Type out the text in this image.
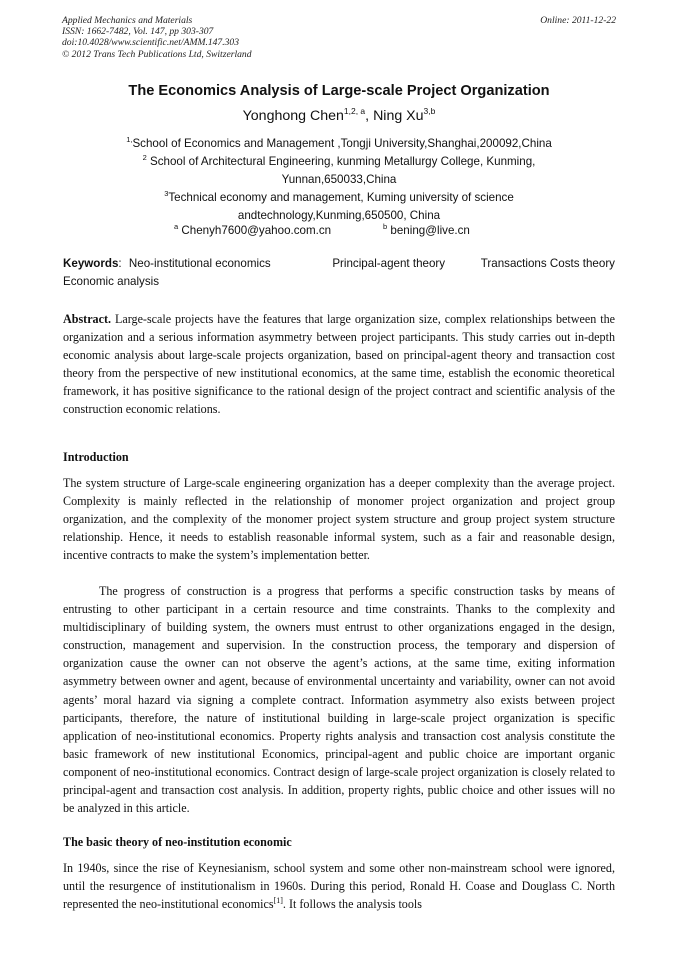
Applied Mechanics and Materials
ISSN: 1662-7482, Vol. 147, pp 303-307
doi:10.4028/www.scientific.net/AMM.147.303
© 2012 Trans Tech Publications Ltd, Switzerland
Online: 2011-12-22
The Economics Analysis of Large-scale Project Organization
Yonghong Chen$^{1,2, a}$, Ning Xu$^{3,b}$
$^{1,}$School of Economics and Management ,Tongji University,Shanghai,200092,China
$^2$ School of Architectural Engineering, kunming Metallurgy College, Kunming,
Yunnan,650033,China
$^3$Technical economy and management, Kuming university of science
andtechnology,Kunming,650500, China
$^a$ Chenyh7600@yahoo.com.cn	$^b$ bening@live.cn
Keywords: Neo-institutional economics	Principal-agent theory	Transactions Costs theory
Economic analysis
Abstract. Large-scale projects have the features that large organization size, complex relationships between the organization and a serious information asymmetry between project participants. This study carries out in-depth economic analysis about large-scale projects organization, based on principal-agent theory and transaction cost theory from the perspective of new institutional economics, at the same time, establish the economic theoretical framework, it has positive significance to the rational design of the project contract and scientific analysis of the construction economic relations.
Introduction
The system structure of Large-scale engineering organization has a deeper complexity than the average project. Complexity is mainly reflected in the relationship of monomer project organization and project group organization, and the complexity of the monomer project system structure and group project system structure relationship. Hence, it needs to establish reasonable informal system, such as a fair and reasonable design, incentive contracts to make the system’s implementation better.
The progress of construction is a progress that performs a specific construction tasks by means of entrusting to other participant in a certain resource and time constraints. Thanks to the complexity and multidisciplinary of building system, the owners must entrust to other organizations engaged in the design, construction, management and supervision. In the construction process, the temporary and dispersion of organization cause the owner can not observe the agent’s actions, at the same time, exiting information asymmetry between owner and agent, because of environmental uncertainty and variability, owner can not avoid agents’ moral hazard via signing a complete contract. Information asymmetry also exists between project participants, therefore, the nature of institutional building in large-scale project organization is specific application of neo-institutional economics. Property rights analysis and transaction cost analysis constitute the basic framework of new institutional Economics, principal-agent and public choice are important organic component of neo-institutional economics. Contract design of large-scale project organization is closely related to principal-agent and transaction cost analysis. In addition, property rights, public choice and other issues will no be analyzed in this article.
The basic theory of neo-institution economic
In 1940s, since the rise of Keynesianism, school system and some other non-mainstream school were ignored, until the resurgence of institutionalism in 1960s. During this period, Ronald H. Coase and Douglass C. North represented the neo-institutional economics[1]. It follows the analysis tools
